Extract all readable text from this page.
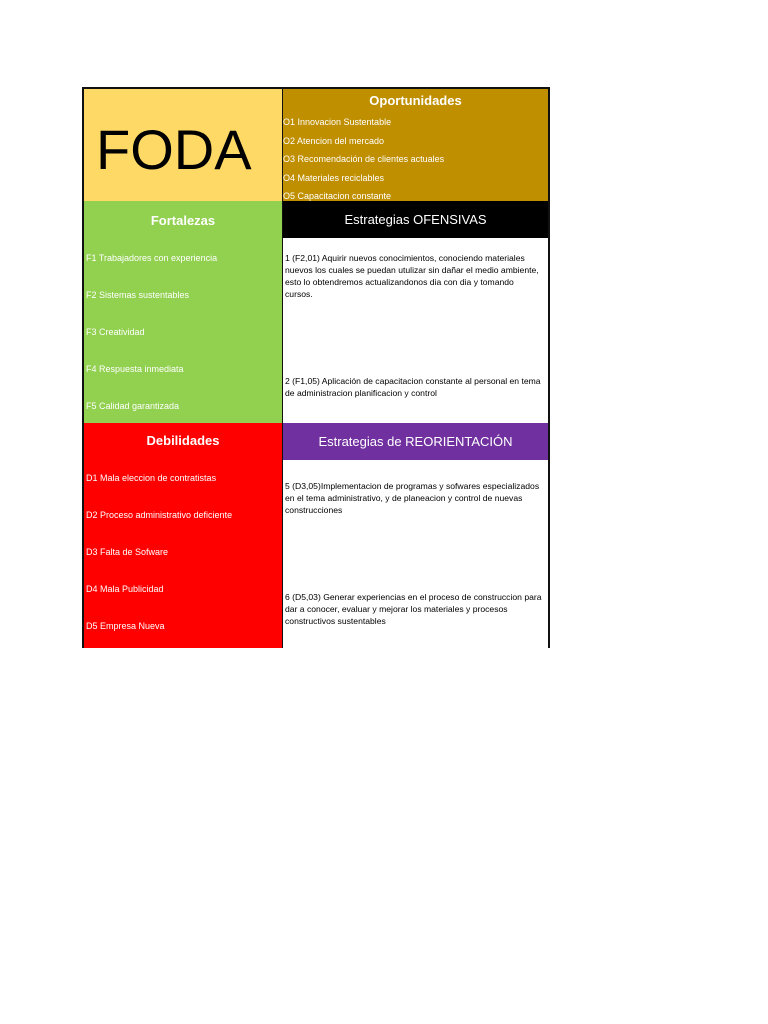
FODA
Oportunidades
O1 Innovacion Sustentable
O2 Atencion del mercado
O3 Recomendación de clientes actuales
O4 Materiales reciclables
O5 Capacitacion constante
Fortalezas
F1 Trabajadores con experiencia
F2 Sistemas sustentables
F3 Creatividad
F4 Respuesta inmediata
F5 Calidad garantizada
Estrategias OFENSIVAS
1 (F2,01) Aquirir nuevos conocimientos, conociendo materiales nuevos los cuales se puedan utulizar sin dañar el medio ambiente, esto lo obtendremos actualizandonos dia con dia y tomando cursos.
2 (F1,05) Aplicación de capacitacion constante al personal en tema de administracion planificacion y control
Debilidades
D1 Mala eleccion de contratistas
D2 Proceso administrativo deficiente
D3 Falta de Sofware
D4 Mala Publicidad
D5 Empresa Nueva
Estrategias de REORIENTACIÓN
5 (D3,05)Implementacion de programas y sofwares especializados en el tema administrativo, y de planeacion y control de nuevas construcciones
6 (D5,03) Generar experiencias en el proceso de construccion para dar a conocer, evaluar y mejorar los materiales y procesos constructivos sustentables
